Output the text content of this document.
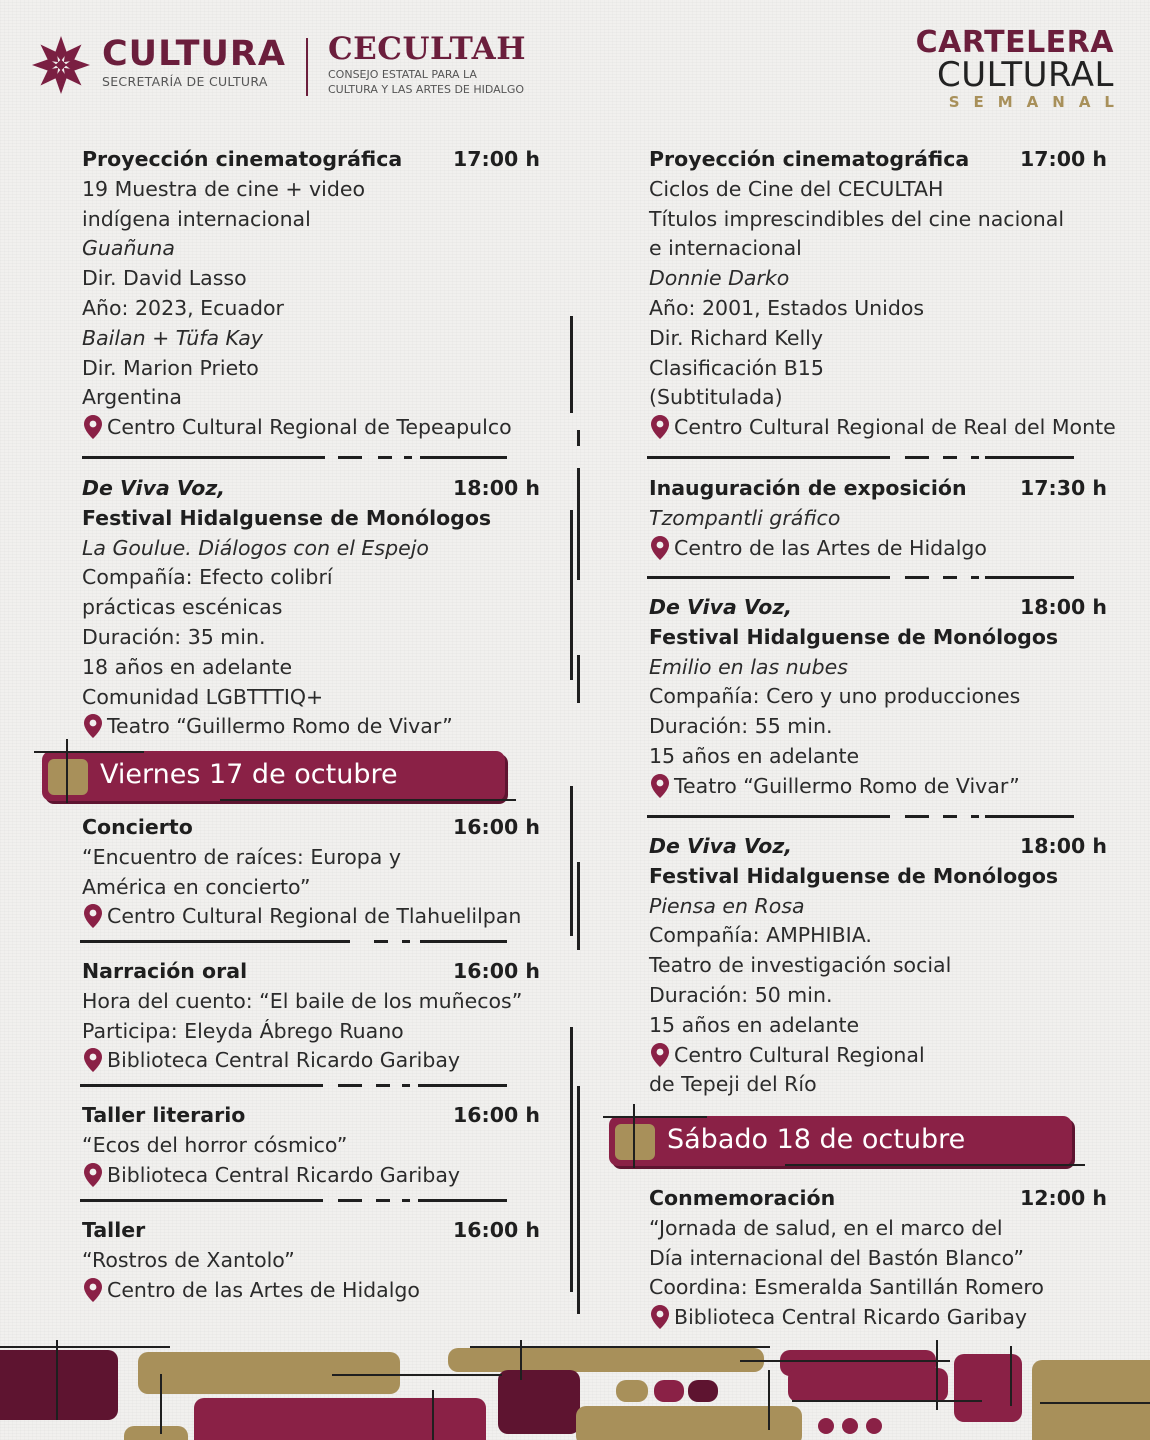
CULTURA
SECRETARÍA DE CULTURA
CECULTAH
CONSEJO ESTATAL PARA LA
CULTURA Y LAS ARTES DE HIDALGO
CARTELERA
CULTURAL
SEMANAL
Proyección cinematográfica 17:00 h
19 Muestra de cine + video
indígena internacional
Guañuna
Dir. David Lasso
Año: 2023, Ecuador
Bailan + Tüfa Kay
Dir. Marion Prieto
Argentina
Centro Cultural Regional de Tepeapulco
De Viva Voz,	18:00 h
Festival Hidalguense de Monólogos
La Goulue. Diálogos con el Espejo
Compañía: Efecto colibrí
prácticas escénicas
Duración: 35 min.
18 años en adelante
Comunidad LGBTTTIQ+
Teatro “Guillermo Romo de Vivar”
Viernes 17 de octubre
Concierto	16:00 h
“Encuentro de raíces: Europa y
América en concierto”
Centro Cultural Regional de Tlahuelilpan
Narración oral	16:00 h
Hora del cuento: “El baile de los muñecos”
Participa: Eleyda Ábrego Ruano
Biblioteca Central Ricardo Garibay
Taller literario	16:00 h
“Ecos del horror cósmico”
Biblioteca Central Ricardo Garibay
Taller	16:00 h
“Rostros de Xantolo”
Centro de las Artes de Hidalgo
Proyección cinematográfica 17:00 h
Ciclos de Cine del CECULTAH
Títulos imprescindibles del cine nacional
e internacional
Donnie Darko
Año: 2001, Estados Unidos
Dir. Richard Kelly
Clasificación B15
(Subtitulada)
Centro Cultural Regional de Real del Monte
Inauguración de exposición	17:30 h
Tzompantli gráfico
Centro de las Artes de Hidalgo
De Viva Voz,	18:00 h
Festival Hidalguense de Monólogos
Emilio en las nubes
Compañía: Cero y uno producciones
Duración: 55 min.
15 años en adelante
Teatro “Guillermo Romo de Vivar”
De Viva Voz,	18:00 h
Festival Hidalguense de Monólogos
Piensa en Rosa
Compañía: AMPHIBIA.
Teatro de investigación social
Duración: 50 min.
15 años en adelante
Centro Cultural Regional
de Tepeji del Río
Sábado 18 de octubre
Conmemoración	12:00 h
“Jornada de salud, en el marco del
Día internacional del Bastón Blanco”
Coordina: Esmeralda Santillán Romero
Biblioteca Central Ricardo Garibay
